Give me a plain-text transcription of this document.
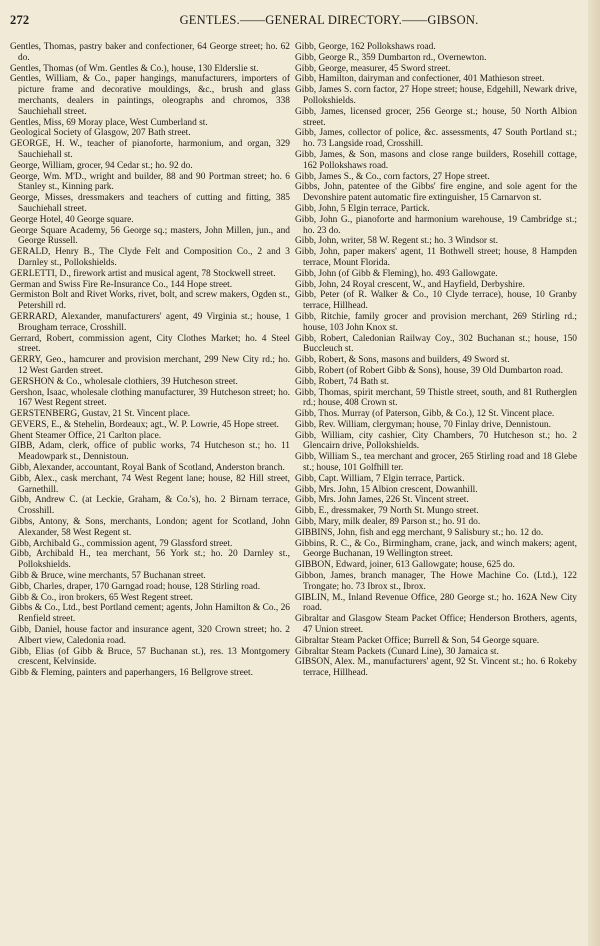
272	GENTLES.——GENERAL DIRECTORY.——GIBSON.
Gentles, Thomas, pastry baker and confectioner, 64 George street; ho. 62 do.
Gentles, Thomas (of Wm. Gentles & Co.), house, 130 Elderslie st.
Gentles, William, & Co., paper hangings, manufacturers, importers of picture frame and decorative mouldings, &c., brush and glass merchants, dealers in paintings, oleographs and chromos, 338 Sauchiehall street.
Gentles, Miss, 69 Moray place, West Cumberland st.
Geological Society of Glasgow, 207 Bath street.
GEORGE, H. W., teacher of pianoforte, harmonium, and organ, 329 Sauchiehall st.
George, William, grocer, 94 Cedar st.; ho. 92 do.
George, Wm. M'D., wright and builder, 88 and 90 Portman street; ho. 6 Stanley st., Kinning park.
George, Misses, dressmakers and teachers of cutting and fitting, 385 Sauchiehall street.
George Hotel, 40 George square.
George Square Academy, 56 George sq.; masters, John Millen, jun., and George Russell.
GERALD, Henry B., The Clyde Felt and Composition Co., 2 and 3 Darnley st., Pollokshields.
GERLETTI, D., firework artist and musical agent, 78 Stockwell street.
German and Swiss Fire Re-Insurance Co., 144 Hope street.
Germiston Bolt and Rivet Works, rivet, bolt, and screw makers, Ogden st., Petershill rd.
GERRARD, Alexander, manufacturers' agent, 49 Virginia st.; house, 1 Brougham terrace, Crosshill.
Gerrard, Robert, commission agent, City Clothes Market; ho. 4 Steel street.
GERRY, Geo., hamcurer and provision merchant, 299 New City rd.; ho. 12 West Garden street.
GERSHON & Co., wholesale clothiers, 39 Hutcheson street.
Gershon, Isaac, wholesale clothing manufacturer, 39 Hutcheson street; ho. 167 West Regent street.
GERSTENBERG, Gustav, 21 St. Vincent place.
GEVERS, E., & Stehelin, Bordeaux; agt., W. P. Lowrie, 45 Hope street.
Ghent Steamer Office, 21 Carlton place.
GIBB, Adam, clerk, office of public works, 74 Hutcheson st.; ho. 11 Meadowpark st., Dennistoun.
Gibb, Alexander, accountant, Royal Bank of Scotland, Anderston branch.
Gibb, Alex., cask merchant, 74 West Regent lane; house, 82 Hill street, Garnethill.
Gibb, Andrew C. (at Leckie, Graham, & Co.'s), ho. 2 Birnam terrace, Crosshill.
Gibbs, Antony, & Sons, merchants, London; agent for Scotland, John Alexander, 58 West Regent st.
Gibb, Archibald G., commission agent, 79 Glassford street.
Gibb, Archibald H., tea merchant, 56 York st.; ho. 20 Darnley st., Pollokshields.
Gibb & Bruce, wine merchants, 57 Buchanan street.
Gibb, Charles, draper, 170 Garngad road; house, 128 Stirling road.
Gibb & Co., iron brokers, 65 West Regent street.
Gibbs & Co., Ltd., best Portland cement; agents, John Hamilton & Co., 26 Renfield street.
Gibb, Daniel, house factor and insurance agent, 320 Crown street; ho. 2 Albert view, Caledonia road.
Gibb, Elias (of Gibb & Bruce, 57 Buchanan st.), res. 13 Montgomery crescent, Kelvinside.
Gibb & Fleming, painters and paperhangers, 16 Bellgrove street.
Gibb, George, 162 Pollokshaws road.
Gibb, George R., 359 Dumbarton rd., Overnewton.
Gibb, George, measurer, 45 Sword street.
Gibb, Hamilton, dairyman and confectioner, 401 Mathieson street.
Gibb, James S. corn factor, 27 Hope street; house, Edgehill, Newark drive, Pollokshields.
Gibb, James, licensed grocer, 256 George st.; house, 50 North Albion street.
Gibb, James, collector of police, &c. assessments, 47 South Portland st.; ho. 73 Langside road, Crosshill.
Gibb, James, & Son, masons and close range builders, Rosehill cottage, 162 Pollokshaws road.
Gibb, James S., & Co., corn factors, 27 Hope street.
Gibbs, John, patentee of the Gibbs' fire engine, and sole agent for the Devonshire patent automatic fire extinguisher, 15 Carnarvon st.
Gibb, John, 5 Elgin terrace, Partick.
Gibb, John G., pianoforte and harmonium warehouse, 19 Cambridge st.; ho. 23 do.
Gibb, John, writer, 58 W. Regent st.; ho. 3 Windsor st.
Gibb, John, paper makers' agent, 11 Bothwell street; house, 8 Hampden terrace, Mount Florida.
Gibb, John (of Gibb & Fleming), ho. 493 Gallowgate.
Gibb, John, 24 Royal crescent, W., and Hayfield, Derbyshire.
Gibb, Peter (of R. Walker & Co., 10 Clyde terrace), house, 10 Granby terrace, Hillhead.
Gibb, Ritchie, family grocer and provision merchant, 269 Stirling rd.; house, 103 John Knox st.
Gibb, Robert, Caledonian Railway Coy., 302 Buchanan st.; house, 150 Buccleuch st.
Gibb, Robert, & Sons, masons and builders, 49 Sword st.
Gibb, Robert (of Robert Gibb & Sons), house, 39 Old Dumbarton road.
Gibb, Robert, 74 Bath st.
Gibb, Thomas, spirit merchant, 59 Thistle street, south, and 81 Rutherglen rd.; house, 408 Crown st.
Gibb, Thos. Murray (of Paterson, Gibb, & Co.), 12 St. Vincent place.
Gibb, Rev. William, clergyman; house, 70 Finlay drive, Dennistoun.
Gibb, William, city cashier, City Chambers, 70 Hutcheson st.; ho. 2 Glencairn drive, Pollokshields.
Gibb, William S., tea merchant and grocer, 265 Stirling road and 18 Glebe st.; house, 101 Golfhill ter.
Gibb, Capt. William, 7 Elgin terrace, Partick.
Gibb, Mrs. John, 15 Albion crescent, Dowanhill.
Gibb, Mrs. John James, 226 St. Vincent street.
Gibb, E., dressmaker, 79 North St. Mungo street.
Gibb, Mary, milk dealer, 89 Parson st.; ho. 91 do.
GIBBINS, John, fish and egg merchant, 9 Salisbury st.; ho. 12 do.
Gibbins, R. C., & Co., Birmingham, crane, jack, and winch makers; agent, George Buchanan, 19 Wellington street.
GIBBON, Edward, joiner, 613 Gallowgate; house, 625 do.
Gibbon, James, branch manager, The Howe Machine Co. (Ltd.), 122 Trongate; ho. 73 Ibrox st., Ibrox.
GIBLIN, M., Inland Revenue Office, 280 George st.; ho. 162A New City road.
Gibraltar and Glasgow Steam Packet Office; Henderson Brothers, agents, 47 Union street.
Gibraltar Steam Packet Office; Burrell & Son, 54 George square.
Gibraltar Steam Packets (Cunard Line), 30 Jamaica st.
GIBSON, Alex. M., manufacturers' agent, 92 St. Vincent st.; ho. 6 Rokeby terrace, Hillhead.
